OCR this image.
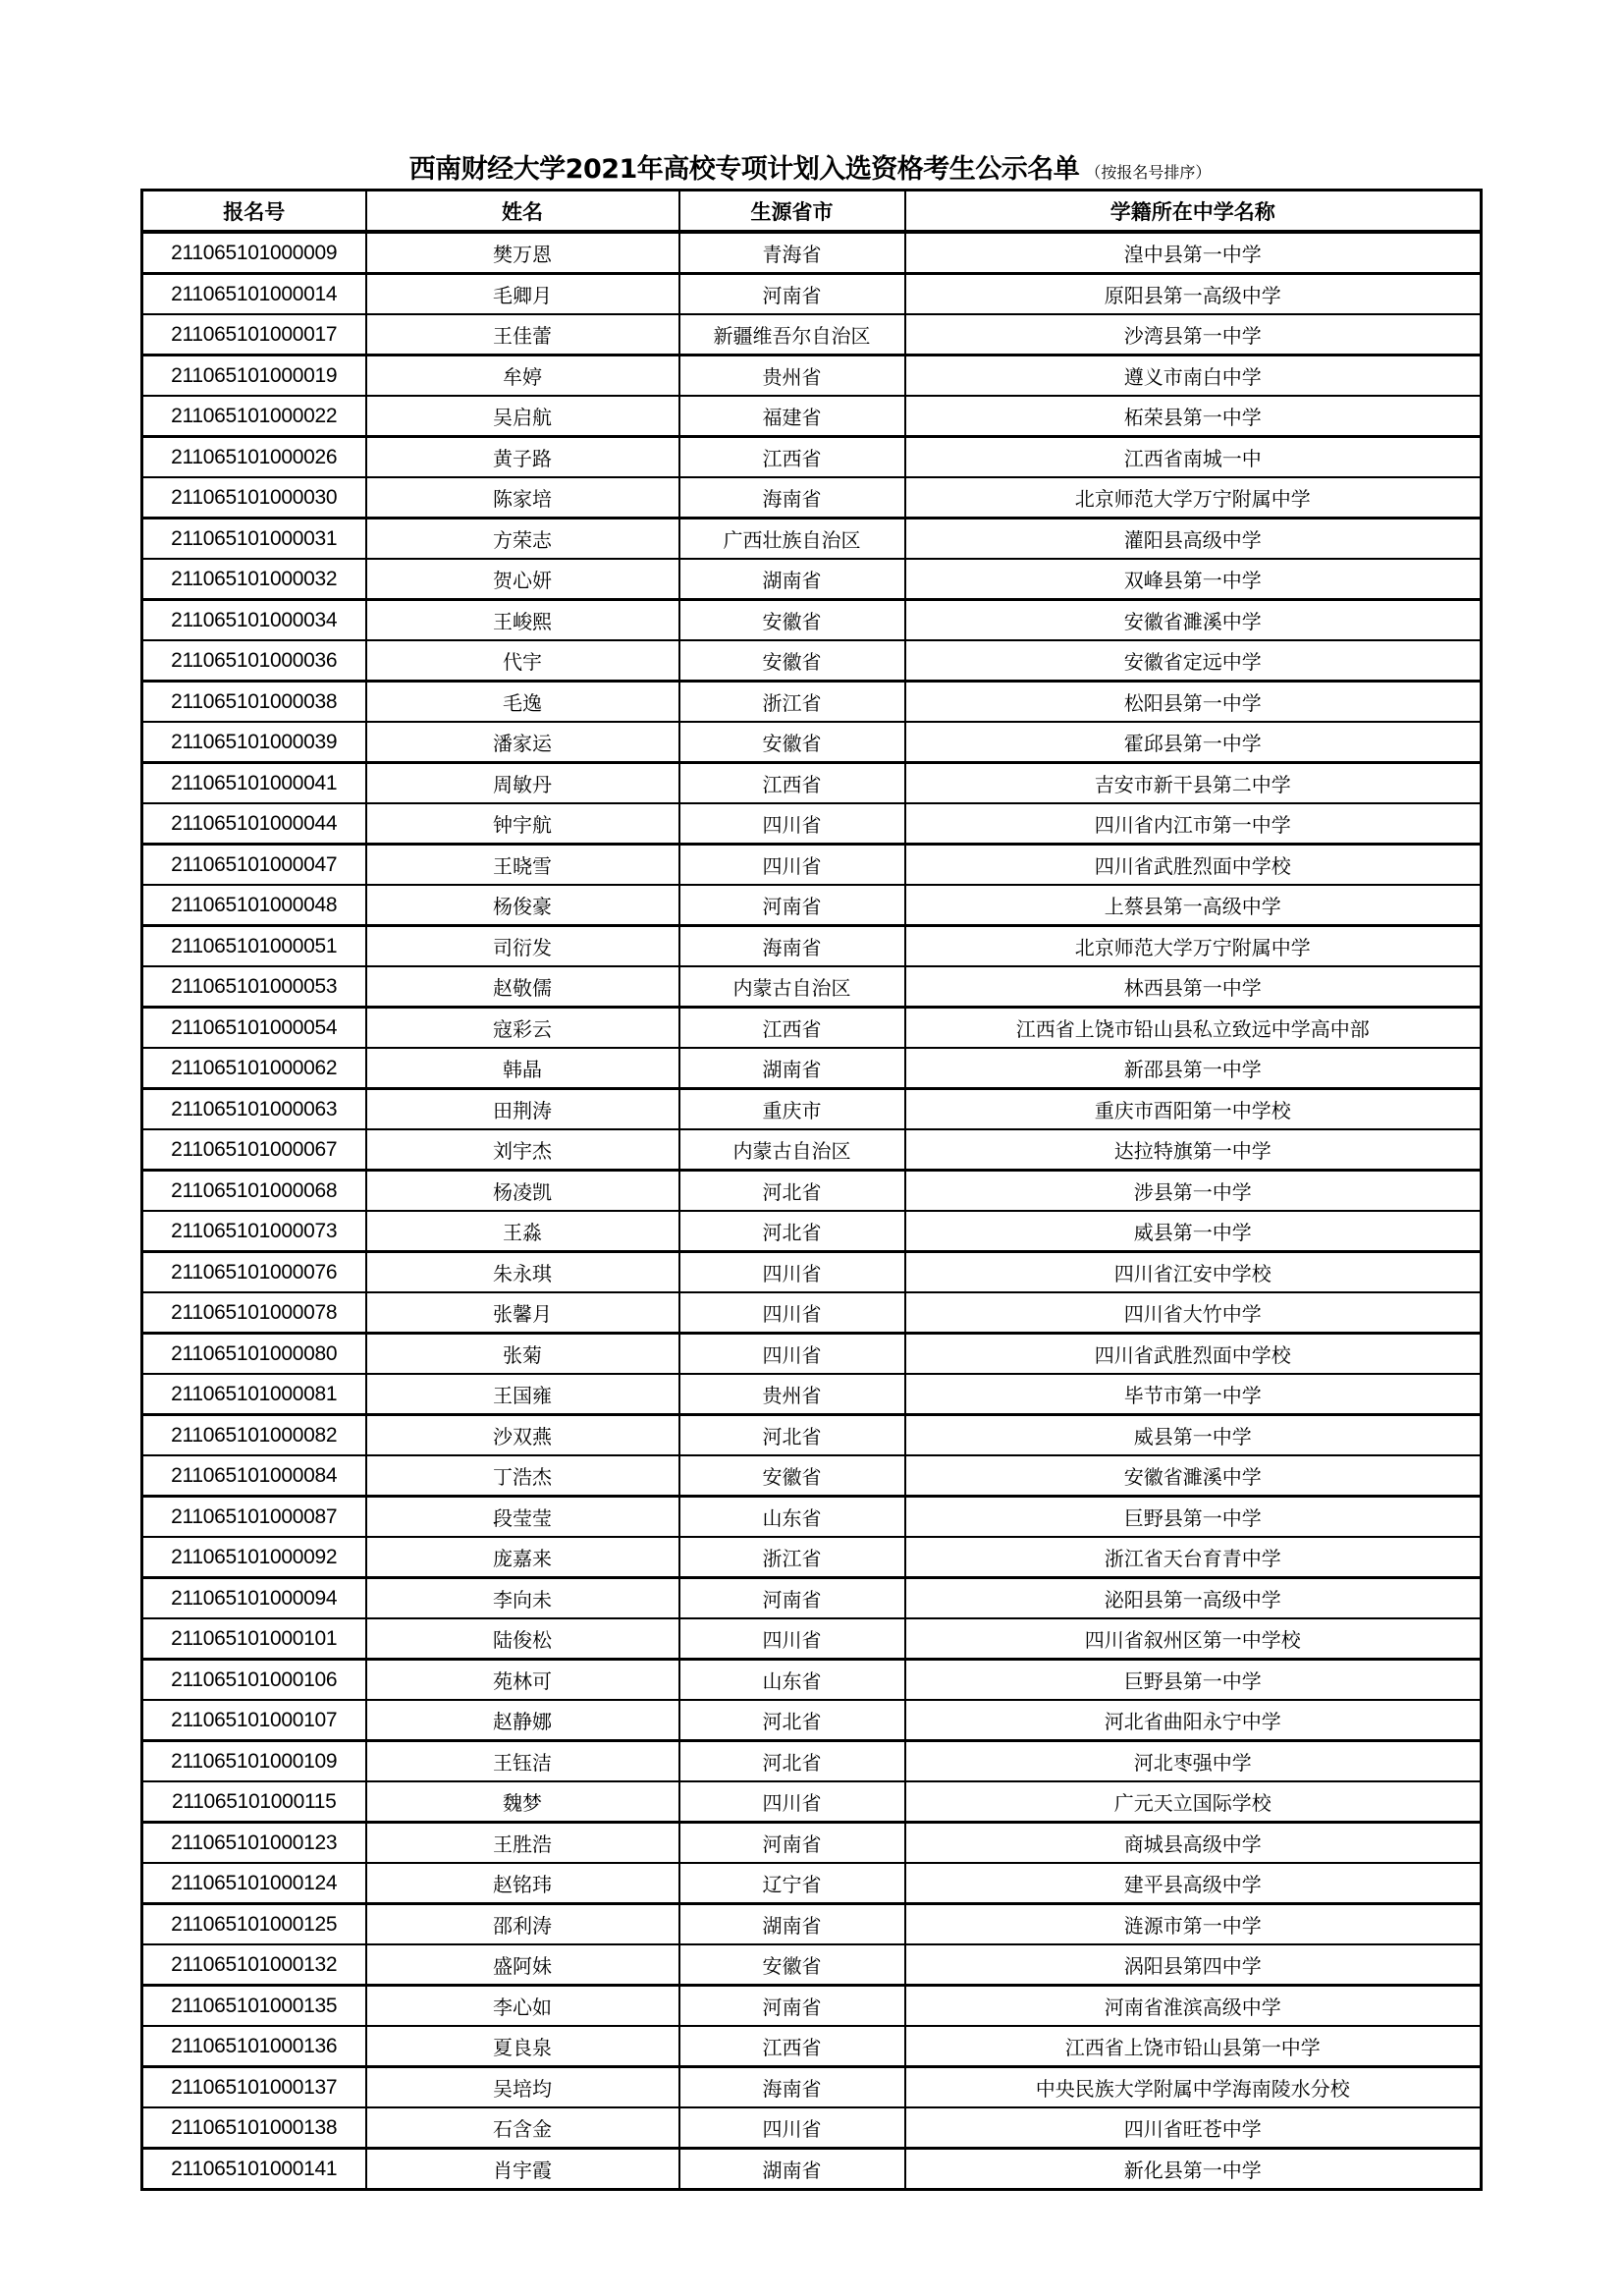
西南财经大学2021年高校专项计划入选资格考生公示名单 （按报名号排序）
报名号	姓名	生源省市	学籍所在中学名称
211065101000009	樊万恩	青海省	湟中县第一中学
211065101000014	毛卿月	河南省	原阳县第一高级中学
211065101000017	王佳蕾	新疆维吾尔自治区	沙湾县第一中学
211065101000019	牟婷	贵州省	遵义市南白中学
211065101000022	吴启航	福建省	柘荣县第一中学
211065101000026	黄子路	江西省	江西省南城一中
211065101000030	陈家培	海南省	北京师范大学万宁附属中学
211065101000031	方荣志	广西壮族自治区	灌阳县高级中学
211065101000032	贺心妍	湖南省	双峰县第一中学
211065101000034	王峻熙	安徽省	安徽省濉溪中学
211065101000036	代宇	安徽省	安徽省定远中学
211065101000038	毛逸	浙江省	松阳县第一中学
211065101000039	潘家运	安徽省	霍邱县第一中学
211065101000041	周敏丹	江西省	吉安市新干县第二中学
211065101000044	钟宇航	四川省	四川省内江市第一中学
211065101000047	王晓雪	四川省	四川省武胜烈面中学校
211065101000048	杨俊豪	河南省	上蔡县第一高级中学
211065101000051	司衍发	海南省	北京师范大学万宁附属中学
211065101000053	赵敬儒	内蒙古自治区	林西县第一中学
211065101000054	寇彩云	江西省	江西省上饶市铅山县私立致远中学高中部
211065101000062	韩晶	湖南省	新邵县第一中学
211065101000063	田荆涛	重庆市	重庆市酉阳第一中学校
211065101000067	刘宇杰	内蒙古自治区	达拉特旗第一中学
211065101000068	杨凌凯	河北省	涉县第一中学
211065101000073	王淼	河北省	威县第一中学
211065101000076	朱永琪	四川省	四川省江安中学校
211065101000078	张馨月	四川省	四川省大竹中学
211065101000080	张菊	四川省	四川省武胜烈面中学校
211065101000081	王国雍	贵州省	毕节市第一中学
211065101000082	沙双燕	河北省	威县第一中学
211065101000084	丁浩杰	安徽省	安徽省濉溪中学
211065101000087	段莹莹	山东省	巨野县第一中学
211065101000092	庞嘉来	浙江省	浙江省天台育青中学
211065101000094	李向未	河南省	泌阳县第一高级中学
211065101000101	陆俊松	四川省	四川省叙州区第一中学校
211065101000106	苑林可	山东省	巨野县第一中学
211065101000107	赵静娜	河北省	河北省曲阳永宁中学
211065101000109	王钰洁	河北省	河北枣强中学
211065101000115	魏梦	四川省	广元天立国际学校
211065101000123	王胜浩	河南省	商城县高级中学
211065101000124	赵铭玮	辽宁省	建平县高级中学
211065101000125	邵利涛	湖南省	涟源市第一中学
211065101000132	盛阿妹	安徽省	涡阳县第四中学
211065101000135	李心如	河南省	河南省淮滨高级中学
211065101000136	夏良泉	江西省	江西省上饶市铅山县第一中学
211065101000137	吴培均	海南省	中央民族大学附属中学海南陵水分校
211065101000138	石含金	四川省	四川省旺苍中学
211065101000141	肖宇霞	湖南省	新化县第一中学
